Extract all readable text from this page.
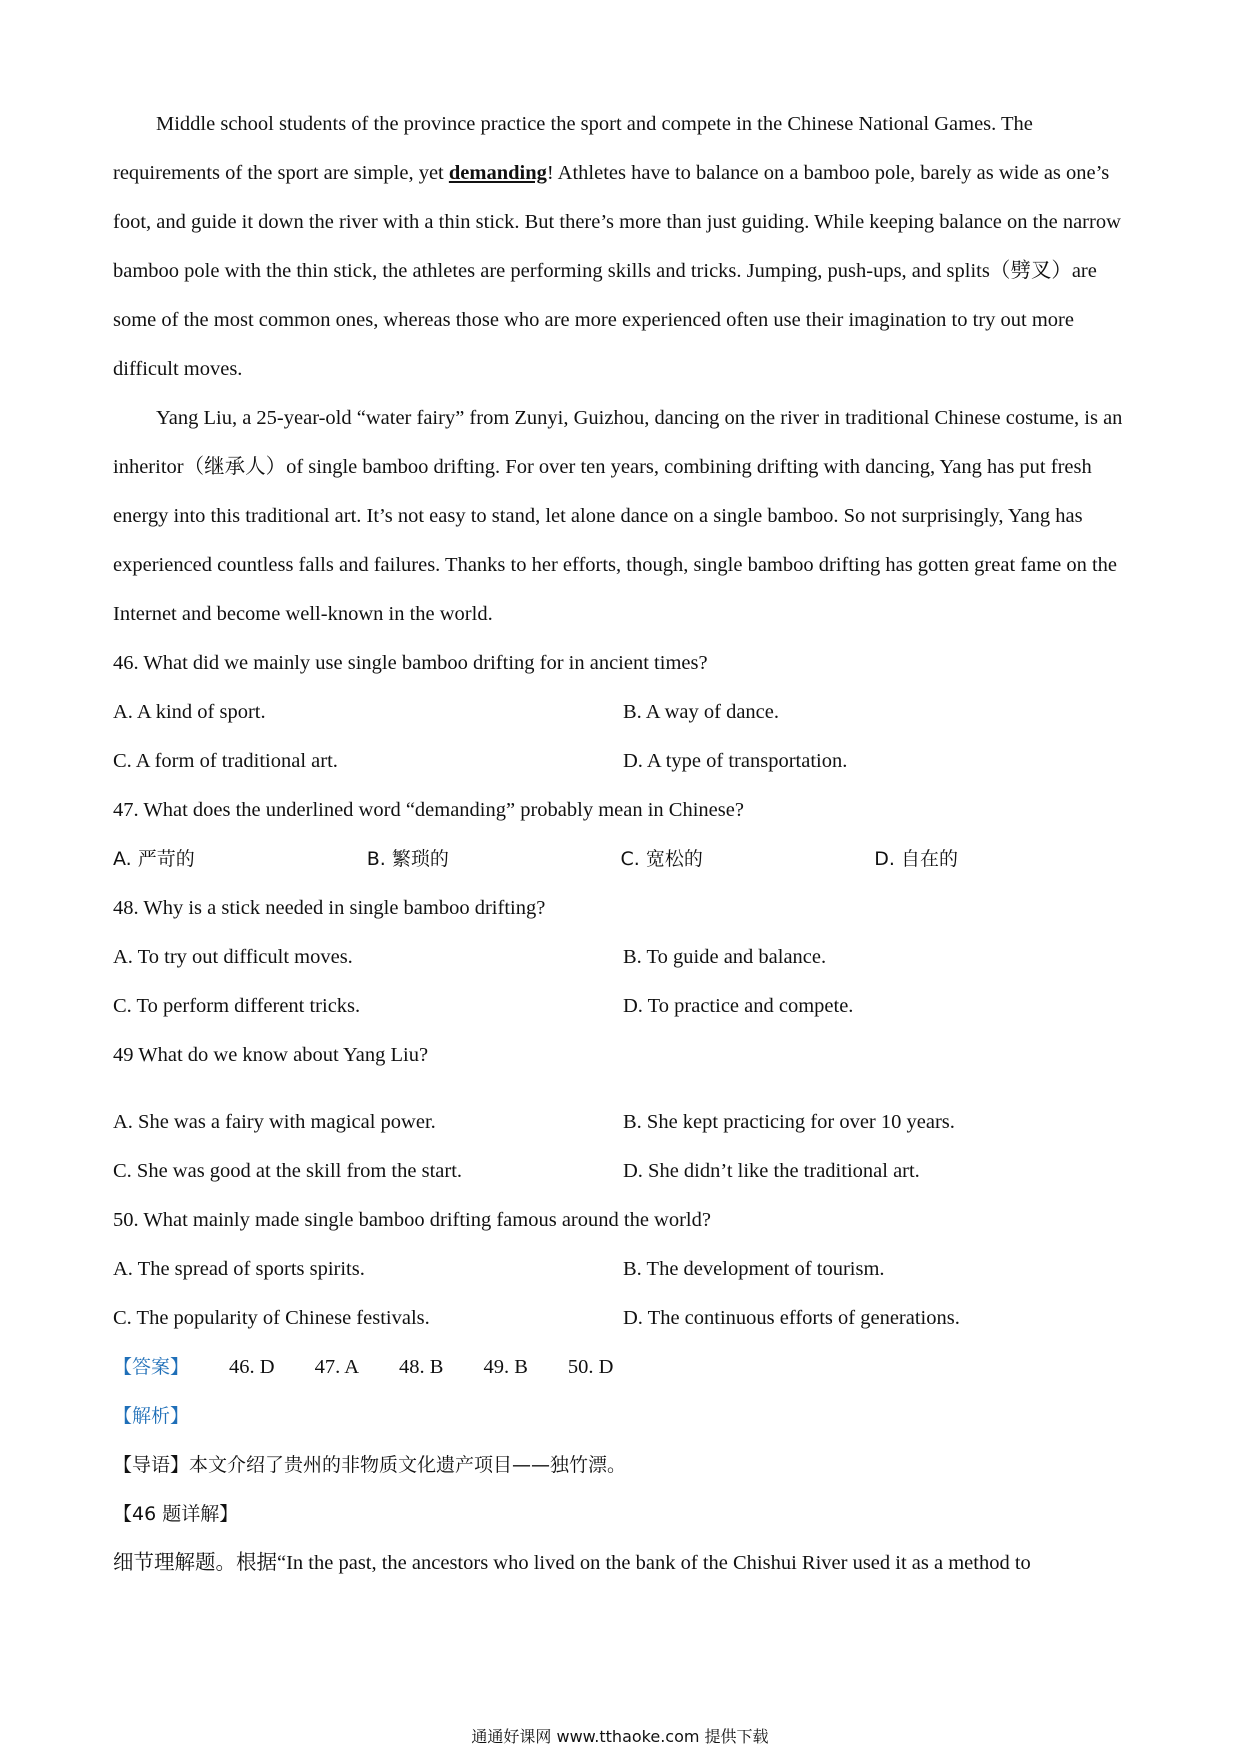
Middle school students of the province practice the sport and compete in the Chinese National Games. The requirements of the sport are simple, yet demanding! Athletes have to balance on a bamboo pole, barely as wide as one’s foot, and guide it down the river with a thin stick. But there’s more than just guiding. While keeping balance on the narrow bamboo pole with the thin stick, the athletes are performing skills and tricks. Jumping, push-ups, and splits（劈叉）are some of the most common ones, whereas those who are more experienced often use their imagination to try out more difficult moves.

Yang Liu, a 25-year-old “water fairy” from Zunyi, Guizhou, dancing on the river in traditional Chinese costume, is an inheritor（继承人）of single bamboo drifting. For over ten years, combining drifting with dancing, Yang has put fresh energy into this traditional art. It’s not easy to stand, let alone dance on a single bamboo. So not surprisingly, Yang has experienced countless falls and failures. Thanks to her efforts, though, single bamboo drifting has gotten great fame on the Internet and become well-known in the world.

46. What did we mainly use single bamboo drifting for in ancient times?
A. A kind of sport.	B. A way of dance.
C. A form of traditional art.	D. A type of transportation.
47. What does the underlined word “demanding” probably mean in Chinese?
A. 严苛的	B. 繁琐的	C. 宽松的	D. 自在的
48. Why is a stick needed in single bamboo drifting?
A. To try out difficult moves.	B. To guide and balance.
C. To perform different tricks.	D. To practice and compete.
49 What do we know about Yang Liu?
A. She was a fairy with magical power.	B. She kept practicing for over 10 years.
C. She was good at the skill from the start.	D. She didn’t like the traditional art.
50. What mainly made single bamboo drifting famous around the world?
A. The spread of sports spirits.	B. The development of tourism.
C. The popularity of Chinese festivals.	D. The continuous efforts of generations.
【答案】 46. D 47. A 48. B 49. B 50. D
【解析】
【导语】本文介绍了贵州的非物质文化遗产项目——独竹漂。
【46 题详解】
细节理解题。根据“In the past, the ancestors who lived on the bank of the Chishui River used it as a method to
通通好课网 www.tthaoke.com 提供下载
